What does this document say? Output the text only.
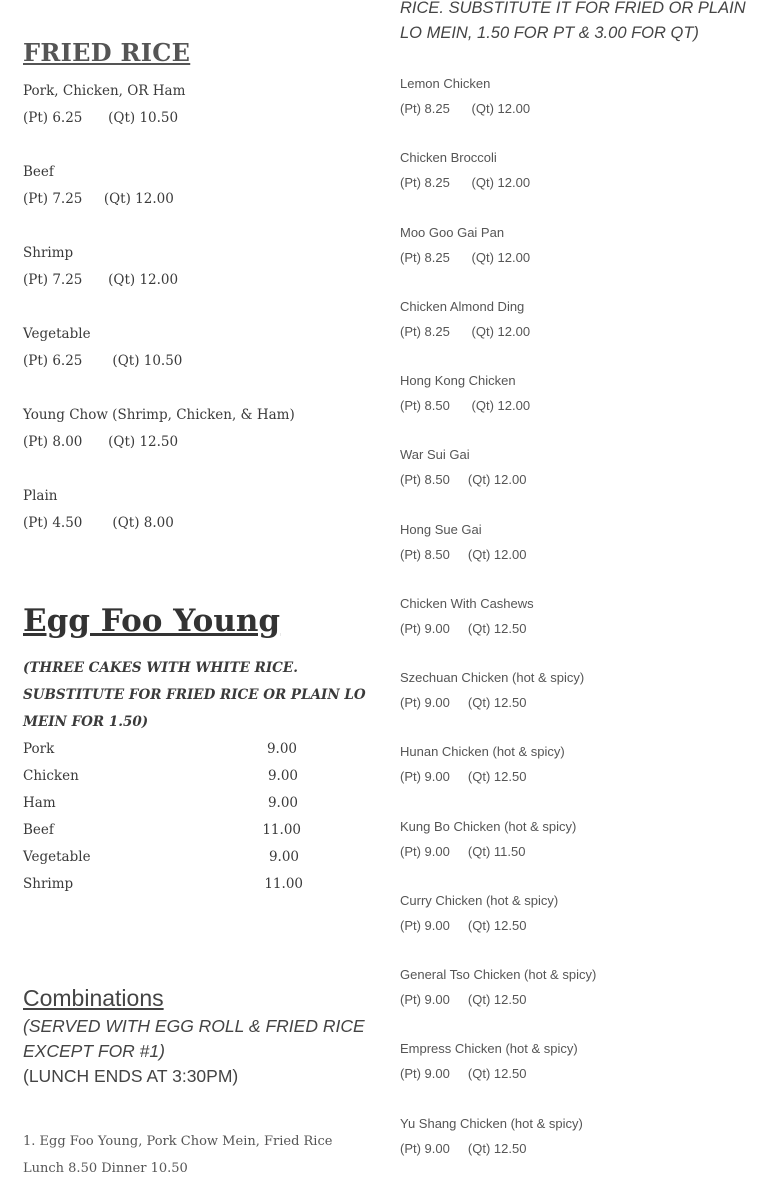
FRIED RICE
Pork, Chicken, OR Ham
(Pt) 6.25      (Qt) 10.50
Beef
(Pt) 7.25     (Qt) 12.00
Shrimp
(Pt) 7.25      (Qt) 12.00
Vegetable
(Pt) 6.25       (Qt) 10.50
Young Chow (Shrimp, Chicken, & Ham)
(Pt) 8.00      (Qt) 12.50
Plain
(Pt) 4.50       (Qt) 8.00
Egg Foo Young
(THREE CAKES WITH WHITE RICE. SUBSTITUTE FOR FRIED RICE OR PLAIN LO MEIN FOR 1.50)
Pork	9.00
Chicken	9.00
Ham	9.00
Beef	11.00
Vegetable	9.00
Shrimp	11.00
Combinations
(SERVED WITH EGG ROLL & FRIED RICE EXCEPT FOR #1)
(LUNCH ENDS AT 3:30PM)
1. Egg Foo Young, Pork Chow Mein, Fried Rice
Lunch 8.50 Dinner 10.50
RICE. SUBSTITUTE IT FOR FRIED OR PLAIN LO MEIN, 1.50 FOR PT & 3.00 FOR QT)
Lemon Chicken
(Pt) 8.25      (Qt) 12.00
Chicken Broccoli
(Pt) 8.25      (Qt) 12.00
Moo Goo Gai Pan
(Pt) 8.25      (Qt) 12.00
Chicken Almond Ding
(Pt) 8.25      (Qt) 12.00
Hong Kong Chicken
(Pt) 8.50      (Qt) 12.00
War Sui Gai
(Pt) 8.50     (Qt) 12.00
Hong Sue Gai
(Pt) 8.50     (Qt) 12.00
Chicken With Cashews
(Pt) 9.00     (Qt) 12.50
Szechuan Chicken (hot & spicy)
(Pt) 9.00     (Qt) 12.50
Hunan Chicken (hot & spicy)
(Pt) 9.00     (Qt) 12.50
Kung Bo Chicken (hot & spicy)
(Pt) 9.00     (Qt) 11.50
Curry Chicken (hot & spicy)
(Pt) 9.00     (Qt) 12.50
General Tso Chicken (hot & spicy)
(Pt) 9.00     (Qt) 12.50
Empress Chicken (hot & spicy)
(Pt) 9.00     (Qt) 12.50
Yu Shang Chicken (hot & spicy)
(Pt) 9.00     (Qt) 12.50
